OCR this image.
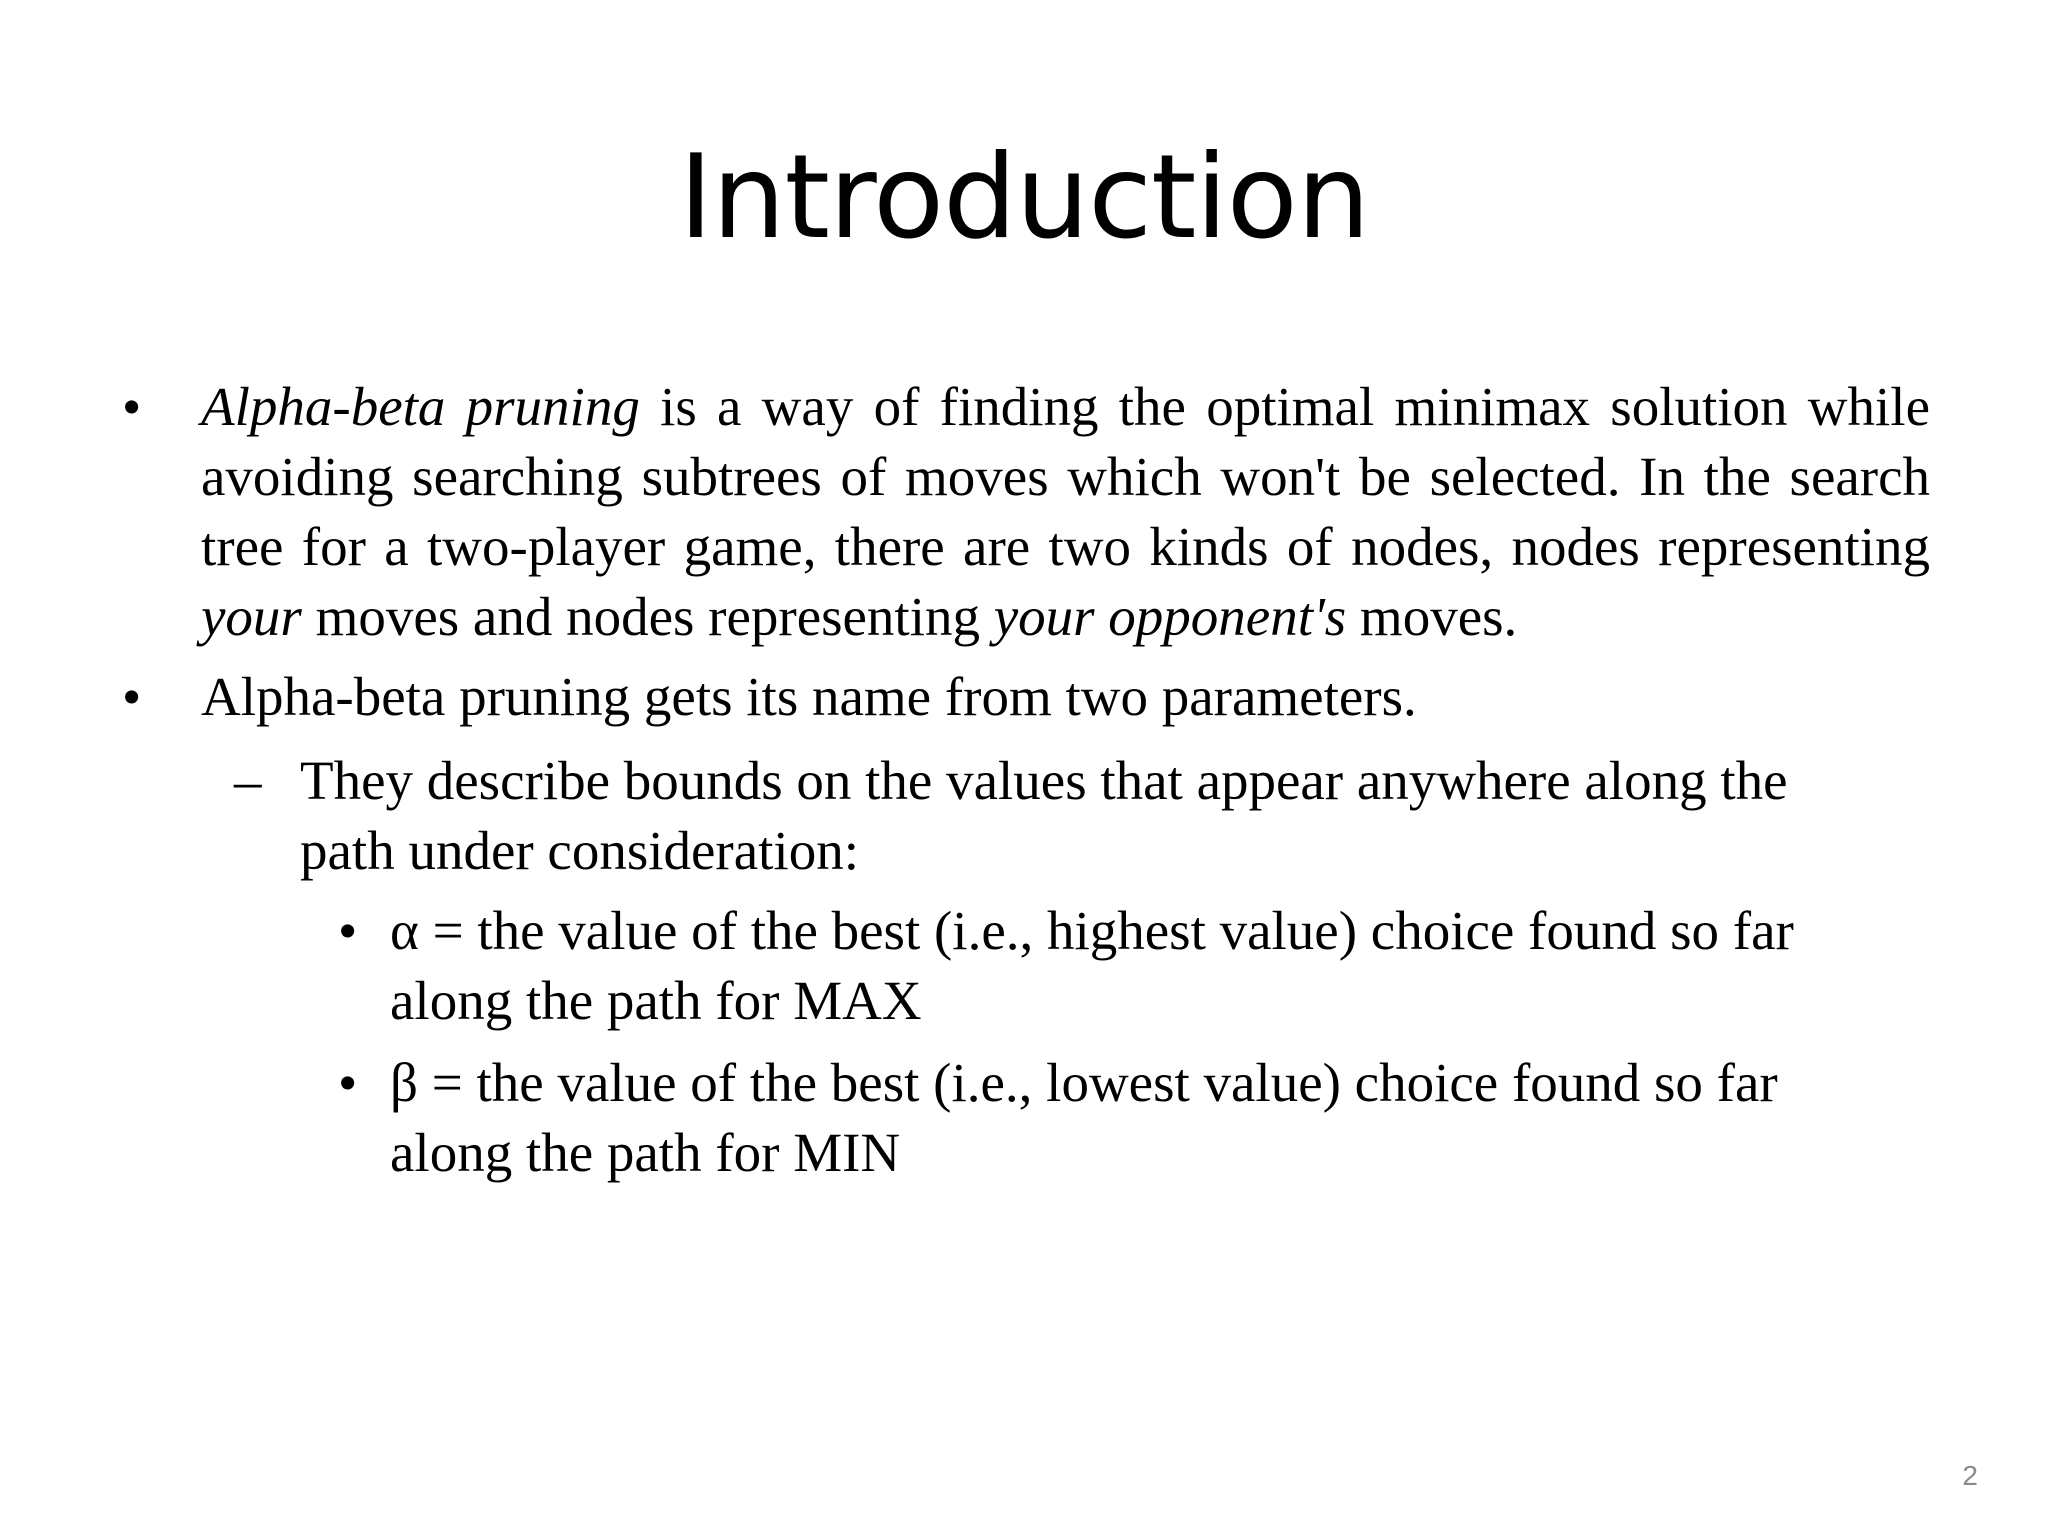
Introduction
• Alpha-beta pruning is a way of finding the optimal minimax solution while avoiding searching subtrees of moves which won't be selected. In the search tree for a two-player game, there are two kinds of nodes, nodes representing your moves and nodes representing your opponent's moves.
• Alpha-beta pruning gets its name from two parameters.
– They describe bounds on the values that appear anywhere along the path under consideration:
• α = the value of the best (i.e., highest value) choice found so far along the path for MAX
• β = the value of the best (i.e., lowest value) choice found so far along the path for MIN
2
